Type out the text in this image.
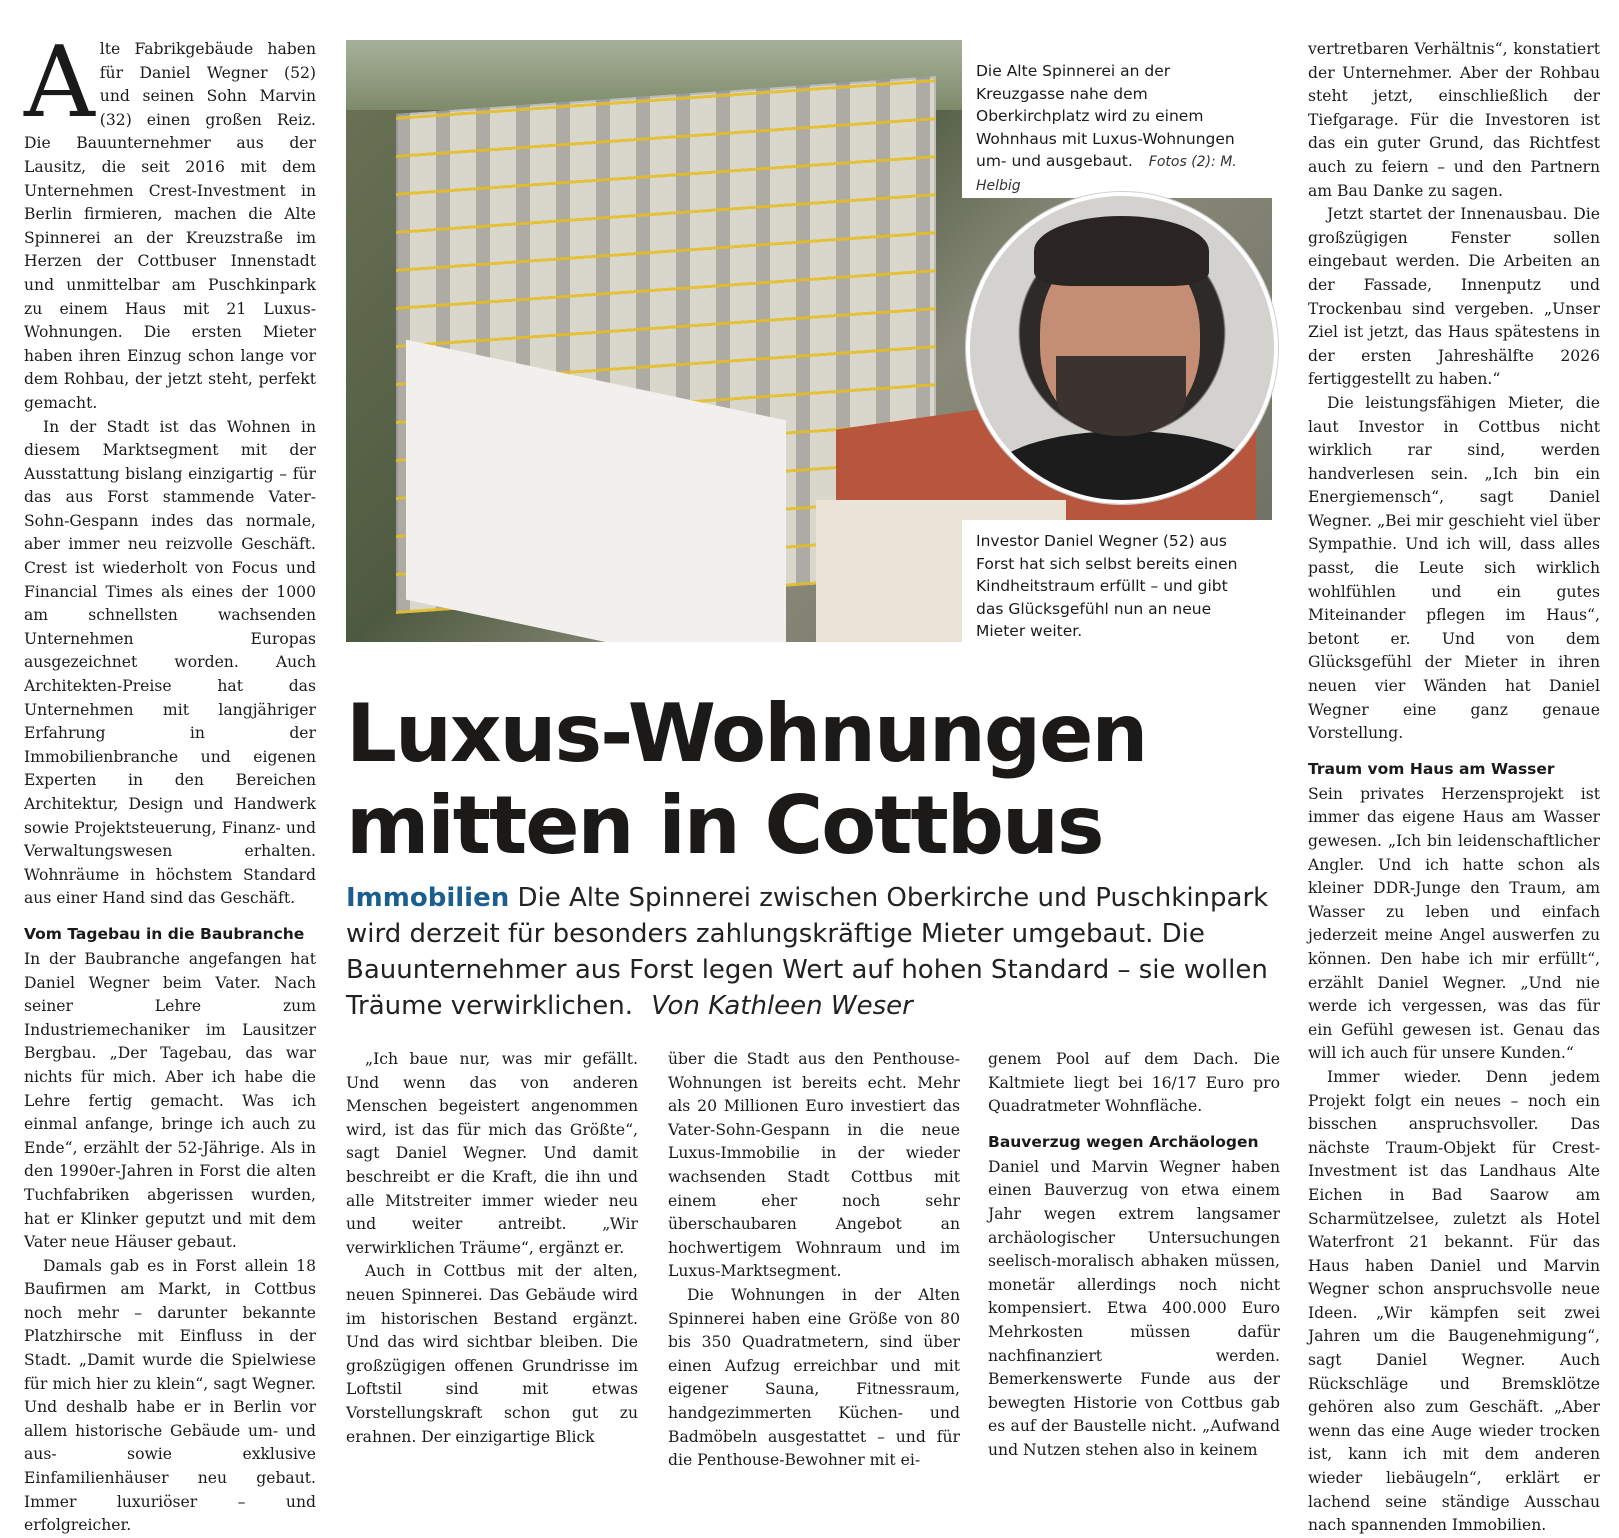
Alte Fabrikgebäude haben für Daniel Wegner (52) und seinen Sohn Marvin (32) einen großen Reiz. Die Bauunternehmer aus der Lausitz, die seit 2016 mit dem Unternehmen Crest-Investment in Berlin firmieren, machen die Alte Spinnerei an der Kreuzstraße im Herzen der Cottbuser Innenstadt und unmittelbar am Puschkinpark zu einem Haus mit 21 Luxus-Wohnungen. Die ersten Mieter haben ihren Einzug schon lange vor dem Rohbau, der jetzt steht, perfekt gemacht.

In der Stadt ist das Wohnen in diesem Marktsegment mit der Ausstattung bislang einzigartig – für das aus Forst stammende Vater-Sohn-Gespann indes das normale, aber immer neu reizvolle Geschäft. Crest ist wiederholt von Focus und Financial Times als eines der 1000 am schnellsten wachsenden Unternehmen Europas ausgezeichnet worden. Auch Architekten-Preise hat das Unternehmen mit langjähriger Erfahrung in der Immobilienbranche und eigenen Experten in den Bereichen Architektur, Design und Handwerk sowie Projektsteuerung, Finanz- und Verwaltungswesen erhalten. Wohnräume in höchstem Standard aus einer Hand sind das Geschäft.

Vom Tagebau in die Baubranche

In der Baubranche angefangen hat Daniel Wegner beim Vater. Nach seiner Lehre zum Industriemechaniker im Lausitzer Bergbau. „Der Tagebau, das war nichts für mich. Aber ich habe die Lehre fertig gemacht. Was ich einmal anfange, bringe ich auch zu Ende“, erzählt der 52-Jährige. Als in den 1990er-Jahren in Forst die alten Tuchfabriken abgerissen wurden, hat er Klinker geputzt und mit dem Vater neue Häuser gebaut.

Damals gab es in Forst allein 18 Baufirmen am Markt, in Cottbus noch mehr – darunter bekannte Platzhirsche mit Einfluss in der Stadt. „Damit wurde die Spielwiese für mich hier zu klein“, sagt Wegner. Und deshalb habe er in Berlin vor allem historische Gebäude um- und aus- sowie exklusive Einfamilienhäuser neu gebaut. Immer luxuriöser – und erfolgreicher.

Die Alte Spinnerei an der Kreuzgasse nahe dem Oberkirchplatz wird zu einem Wohnhaus mit Luxus-Wohnungen um- und ausgebaut. Fotos (2): M. Helbig
Investor Daniel Wegner (52) aus Forst hat sich selbst bereits einen Kindheitstraum erfüllt – und gibt das Glücksgefühl nun an neue Mieter weiter.
Luxus-Wohnungen
mitten in Cottbus

Immobilien Die Alte Spinnerei zwischen Oberkirche und Puschkinpark wird derzeit für besonders zahlungskräftige Mieter umgebaut. Die Bauunternehmer aus Forst legen Wert auf hohen Standard – sie wollen Träume verwirklichen. Von Kathleen Weser

„Ich baue nur, was mir gefällt. Und wenn das von anderen Menschen begeistert angenommen wird, ist das für mich das Größte“, sagt Daniel Wegner. Und damit beschreibt er die Kraft, die ihn und alle Mitstreiter immer wieder neu und weiter antreibt. „Wir verwirklichen Träume“, ergänzt er.

Auch in Cottbus mit der alten, neuen Spinnerei. Das Gebäude wird im historischen Bestand ergänzt. Und das wird sichtbar bleiben. Die großzügigen offenen Grundrisse im Loftstil sind mit etwas Vorstellungskraft schon gut zu erahnen. Der einzigartige Blick

über die Stadt aus den Penthouse-Wohnungen ist bereits echt. Mehr als 20 Millionen Euro investiert das Vater-Sohn-Gespann in die neue Luxus-Immobilie in der wieder wachsenden Stadt Cottbus mit einem eher noch sehr überschaubaren Angebot an hochwertigem Wohnraum und im Luxus-Marktsegment.

Die Wohnungen in der Alten Spinnerei haben eine Größe von 80 bis 350 Quadratmetern, sind über einen Aufzug erreichbar und mit eigener Sauna, Fitnessraum, handgezimmerten Küchen- und Badmöbeln ausgestattet – und für die Penthouse-Bewohner mit ei-

genem Pool auf dem Dach. Die Kaltmiete liegt bei 16/17 Euro pro Quadratmeter Wohnfläche.

Bauverzug wegen Archäologen

Daniel und Marvin Wegner haben einen Bauverzug von etwa einem Jahr wegen extrem langsamer archäologischer Untersuchungen seelisch-moralisch abhaken müssen, monetär allerdings noch nicht kompensiert. Etwa 400.000 Euro Mehrkosten müssen dafür nachfinanziert werden. Bemerkenswerte Funde aus der bewegten Historie von Cottbus gab es auf der Baustelle nicht. „Aufwand und Nutzen stehen also in keinem

vertretbaren Verhältnis“, konstatiert der Unternehmer. Aber der Rohbau steht jetzt, einschließlich der Tiefgarage. Für die Investoren ist das ein guter Grund, das Richtfest auch zu feiern – und den Partnern am Bau Danke zu sagen.

Jetzt startet der Innenausbau. Die großzügigen Fenster sollen eingebaut werden. Die Arbeiten an der Fassade, Innenputz und Trockenbau sind vergeben. „Unser Ziel ist jetzt, das Haus spätestens in der ersten Jahreshälfte 2026 fertiggestellt zu haben.“

Die leistungsfähigen Mieter, die laut Investor in Cottbus nicht wirklich rar sind, werden handverlesen sein. „Ich bin ein Energiemensch“, sagt Daniel Wegner. „Bei mir geschieht viel über Sympathie. Und ich will, dass alles passt, die Leute sich wirklich wohlfühlen und ein gutes Miteinander pflegen im Haus“, betont er. Und von dem Glücksgefühl der Mieter in ihren neuen vier Wänden hat Daniel Wegner eine ganz genaue Vorstellung.

Traum vom Haus am Wasser

Sein privates Herzensprojekt ist immer das eigene Haus am Wasser gewesen. „Ich bin leidenschaftlicher Angler. Und ich hatte schon als kleiner DDR-Junge den Traum, am Wasser zu leben und einfach jederzeit meine Angel auswerfen zu können. Den habe ich mir erfüllt“, erzählt Daniel Wegner. „Und nie werde ich vergessen, was das für ein Gefühl gewesen ist. Genau das will ich auch für unsere Kunden.“

Immer wieder. Denn jedem Projekt folgt ein neues – noch ein bisschen anspruchsvoller. Das nächste Traum-Objekt für Crest-Investment ist das Landhaus Alte Eichen in Bad Saarow am Scharmützelsee, zuletzt als Hotel Waterfront 21 bekannt. Für das Haus haben Daniel und Marvin Wegner schon anspruchsvolle neue Ideen. „Wir kämpfen seit zwei Jahren um die Baugenehmigung“, sagt Daniel Wegner. Auch Rückschläge und Bremsklötze gehören also zum Geschäft. „Aber wenn das eine Auge wieder trocken ist, kann ich mit dem anderen wieder liebäugeln“, erklärt er lachend seine ständige Ausschau nach spannenden Immobilien.
